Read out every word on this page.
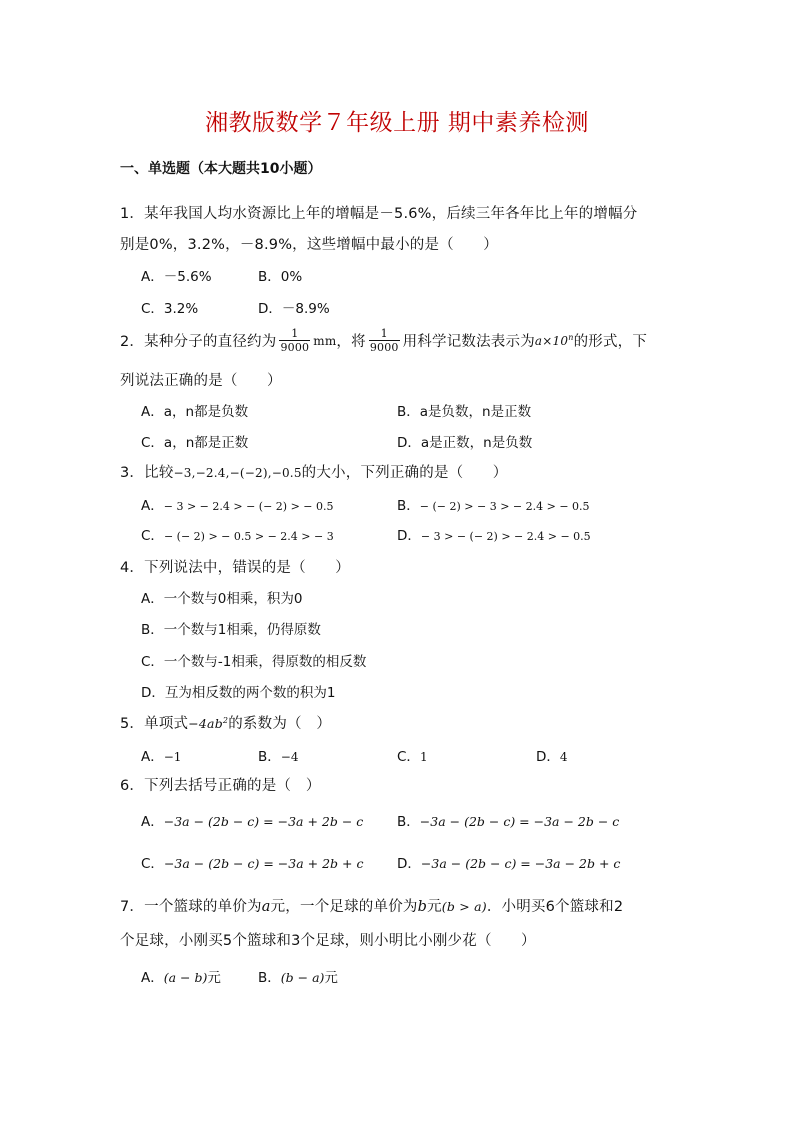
湘教版数学７年级上册 期中素养检测
一、单选题（本大题共10小题）
1．某年我国人均水资源比上年的增幅是－5.6%，后续三年各年比上年的增幅分
别是0%，3.2%，－8.9%，这些增幅中最小的是（　　）
A．－5.6%	B．0%
C．3.2%	D．－8.9%
2．某种分子的直径约为 $\frac{1}{9000}$ mm ，将 $\frac{1}{9000}$ 用科学记数法表示为 $a\times 10^n$ 的形式，下
列说法正确的是（　　）
A．a，n都是负数	B．a是负数，n是正数
C．a，n都是正数	D．a是正数，n是负数
3．比较−3,−2.4,−(−2),−0.5的大小，下列正确的是（　　）
A．− 3 > − 2.4 > − (− 2) > − 0.5	B．− (− 2) > − 3 > − 2.4 > − 0.5
C．− (− 2) > − 0.5 > − 2.4 > − 3	D．− 3 > − (− 2) > − 2.4 > − 0.5
4．下列说法中，错误的是（　　）
A．一个数与0相乘，积为0
B．一个数与1相乘，仍得原数
C．一个数与-1相乘，得原数的相反数
D．互为相反数的两个数的积为1
5．单项式$-4ab^2$的系数为（　）
A．−1	B．−4	C．1	D．4
6．下列去括号正确的是（　）
A．−3a − (2b − c) = −3a + 2b − c B．−3a − (2b − c) = −3a − 2b − c
C．−3a − (2b − c) = −3a + 2b + c D．−3a − (2b − c) = −3a − 2b + c
7．一个篮球的单价为a元，一个足球的单价为b元(b > a)．小明买6个篮球和2
个足球，小刚买5个篮球和3个足球，则小明比小刚少花（　　）
A．(a − b)元	B．(b − a)元
